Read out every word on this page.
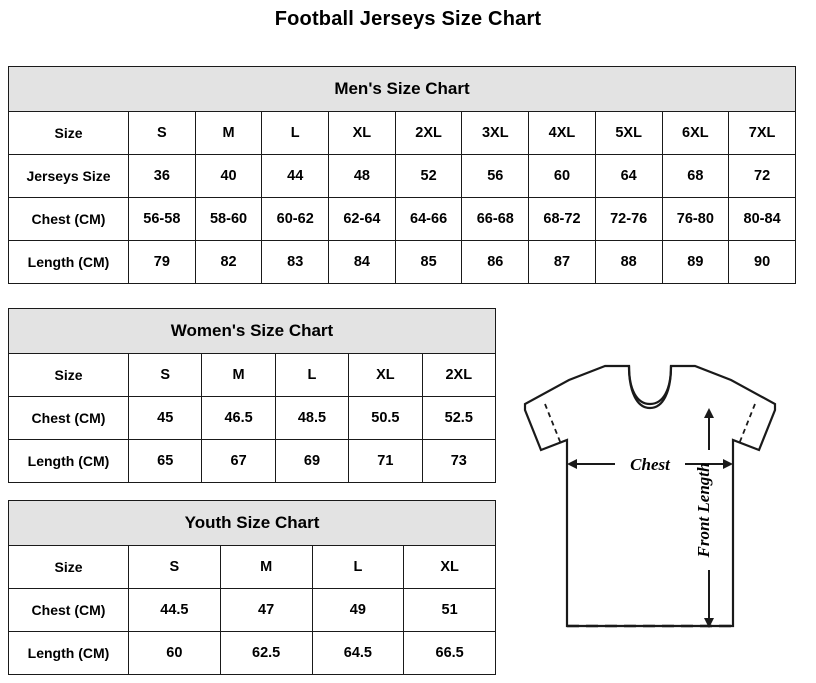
Football Jerseys Size Chart
Men's Size Chart										
Size	S	M	L	XL	2XL	3XL	4XL	5XL	6XL	7XL
Jerseys Size	36	40	44	48	52	56	60	64	68	72
Chest (CM)	56-58	58-60	60-62	62-64	64-66	66-68	68-72	72-76	76-80	80-84
Length (CM)	79	82	83	84	85	86	87	88	89	90
Women's Size Chart					
Size	S	M	L	XL	2XL
Chest (CM)	45	46.5	48.5	50.5	52.5
Length (CM)	65	67	69	71	73
Youth Size Chart				
Size	S	M	L	XL
Chest (CM)	44.5	47	49	51
Length (CM)	60	62.5	64.5	66.5
Chest Front Length
